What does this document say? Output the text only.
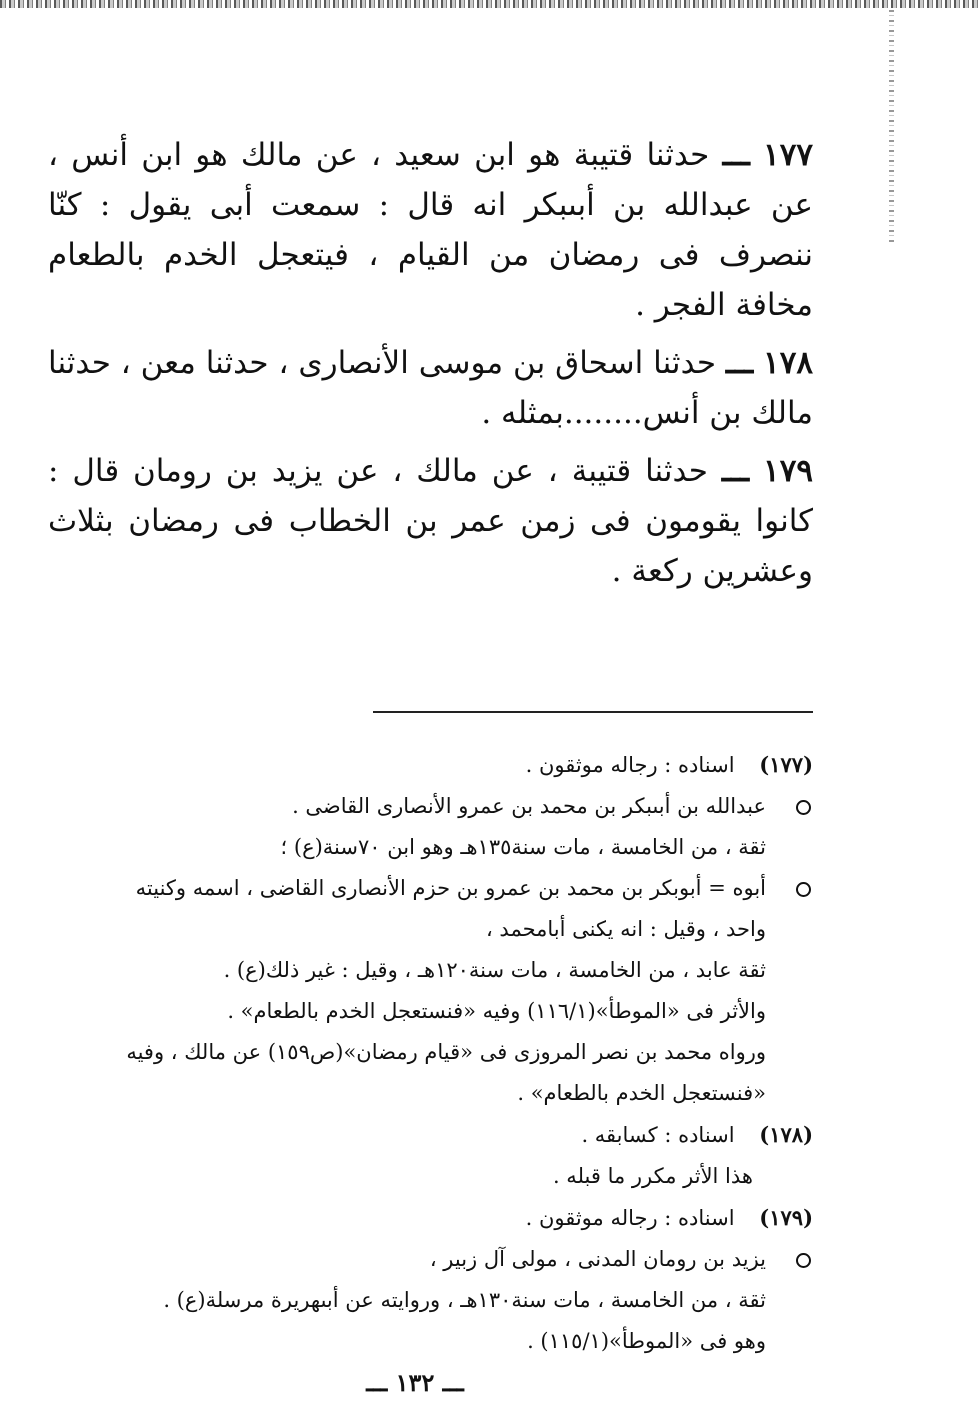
١٧٧ ـــ حدثنا قتيبة هو ابن سعيد ، عن مالك هو ابن أنس ، عن عبدالله بن أبىبكر انه قال : سمعت أبى يقول : كنّا ننصرف فى رمضان من القيام ، فيتعجل الخدم بالطعام مخافة الفجر .

١٧٨ ـــ حدثنا اسحاق بن موسى الأنصارى ، حدثنا معن ، حدثنا مالك بن أنس........بمثله .

١٧٩ ـــ حدثنا قتيبة ، عن مالك ، عن يزيد بن رومان قال : كانوا يقومون فى زمن عمر بن الخطاب فى رمضان بثلاث وعشرين ركعة .

(١٧٧) اسناده : رجاله موثقون .
عبدالله بن أبىبكر بن محمد بن عمرو الأنصارى القاضى .
ثقة ، من الخامسة ، مات سنة١٣٥هـ وهو ابن ٧٠سنة(ع) ؛
أبوه = أبوبكر بن محمد بن عمرو بن حزم الأنصارى القاضى ، اسمه وكنيته
واحد ، وقيل : انه يكنى أبامحمد ،
ثقة عابد ، من الخامسة ، مات سنة١٢٠هـ ، وقيل : غير ذلك(ع) .
والأثر فى «الموطأ»(١١٦/١) وفيه «فنستعجل الخدم بالطعام» .
ورواه محمد بن نصر المروزى فى «قيام رمضان»(ص١٥٩) عن مالك ، وفيه
«فنستعجل الخدم بالطعام» .
(١٧٨) اسناده : كسابقه .
هذا الأثر مكرر ما قبله .
(١٧٩) اسناده : رجاله موثقون .
يزيد بن رومان المدنى ، مولى آل زبير ،
ثقة ، من الخامسة ، مات سنة١٣٠هـ ، وروايته عن أبىهريرة مرسلة(ع) .
وهو فى «الموطأ»(١١٥/١) .
ـــ ١٣٢ ـــ
